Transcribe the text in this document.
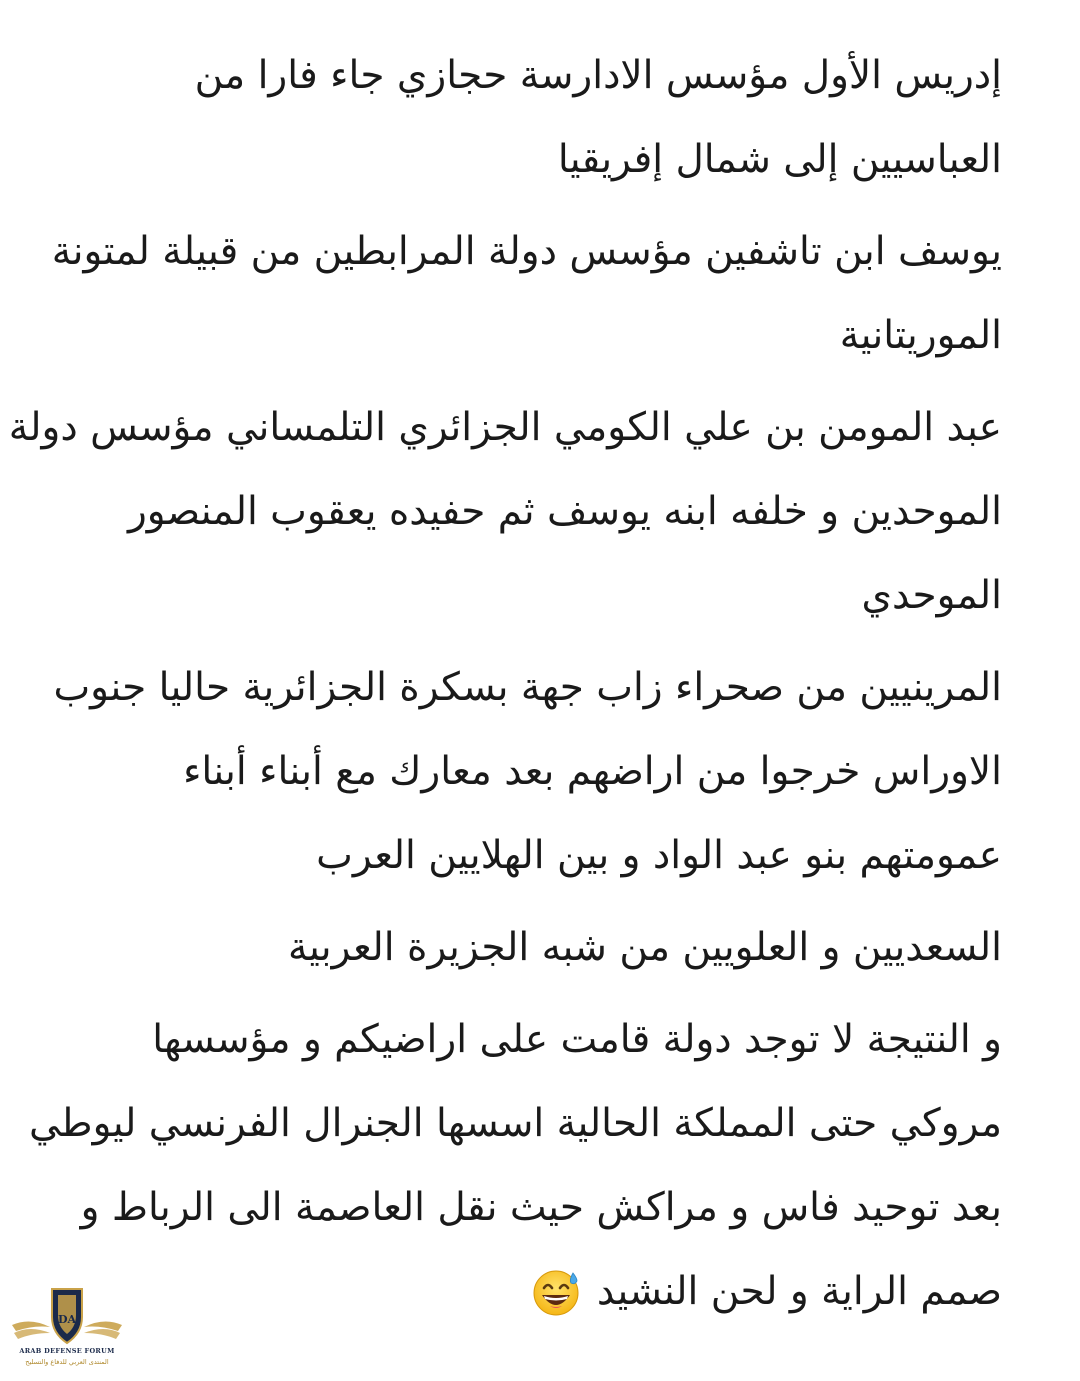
إدريس الأول مؤسس الادارسة حجازي جاء فارا من
العباسيين إلى شمال إفريقيا
يوسف ابن تاشفين مؤسس دولة المرابطين من قبيلة لمتونة
الموريتانية
عبد المومن بن علي الكومي الجزائري التلمساني مؤسس دولة
الموحدين و خلفه ابنه يوسف ثم حفيده يعقوب المنصور
الموحدي
المرينيين من صحراء زاب جهة بسكرة الجزائرية حاليا جنوب
الاوراس خرجوا من اراضهم بعد معارك مع أبناء أبناء
عمومتهم بنو عبد الواد و بين الهلايين العرب
السعديين و العلويين من شبه الجزيرة العربية
و النتيجة لا توجد دولة قامت على اراضيكم و مؤسسها
مروكي حتى المملكة الحالية اسسها الجنرال الفرنسي ليوطي
بعد توحيد فاس و مراكش حيث نقل العاصمة الى الرباط و
صمم الراية و لحن النشيد
DA
ARAB DEFENSE FORUM
المنتدى العربي للدفاع والتسليح
